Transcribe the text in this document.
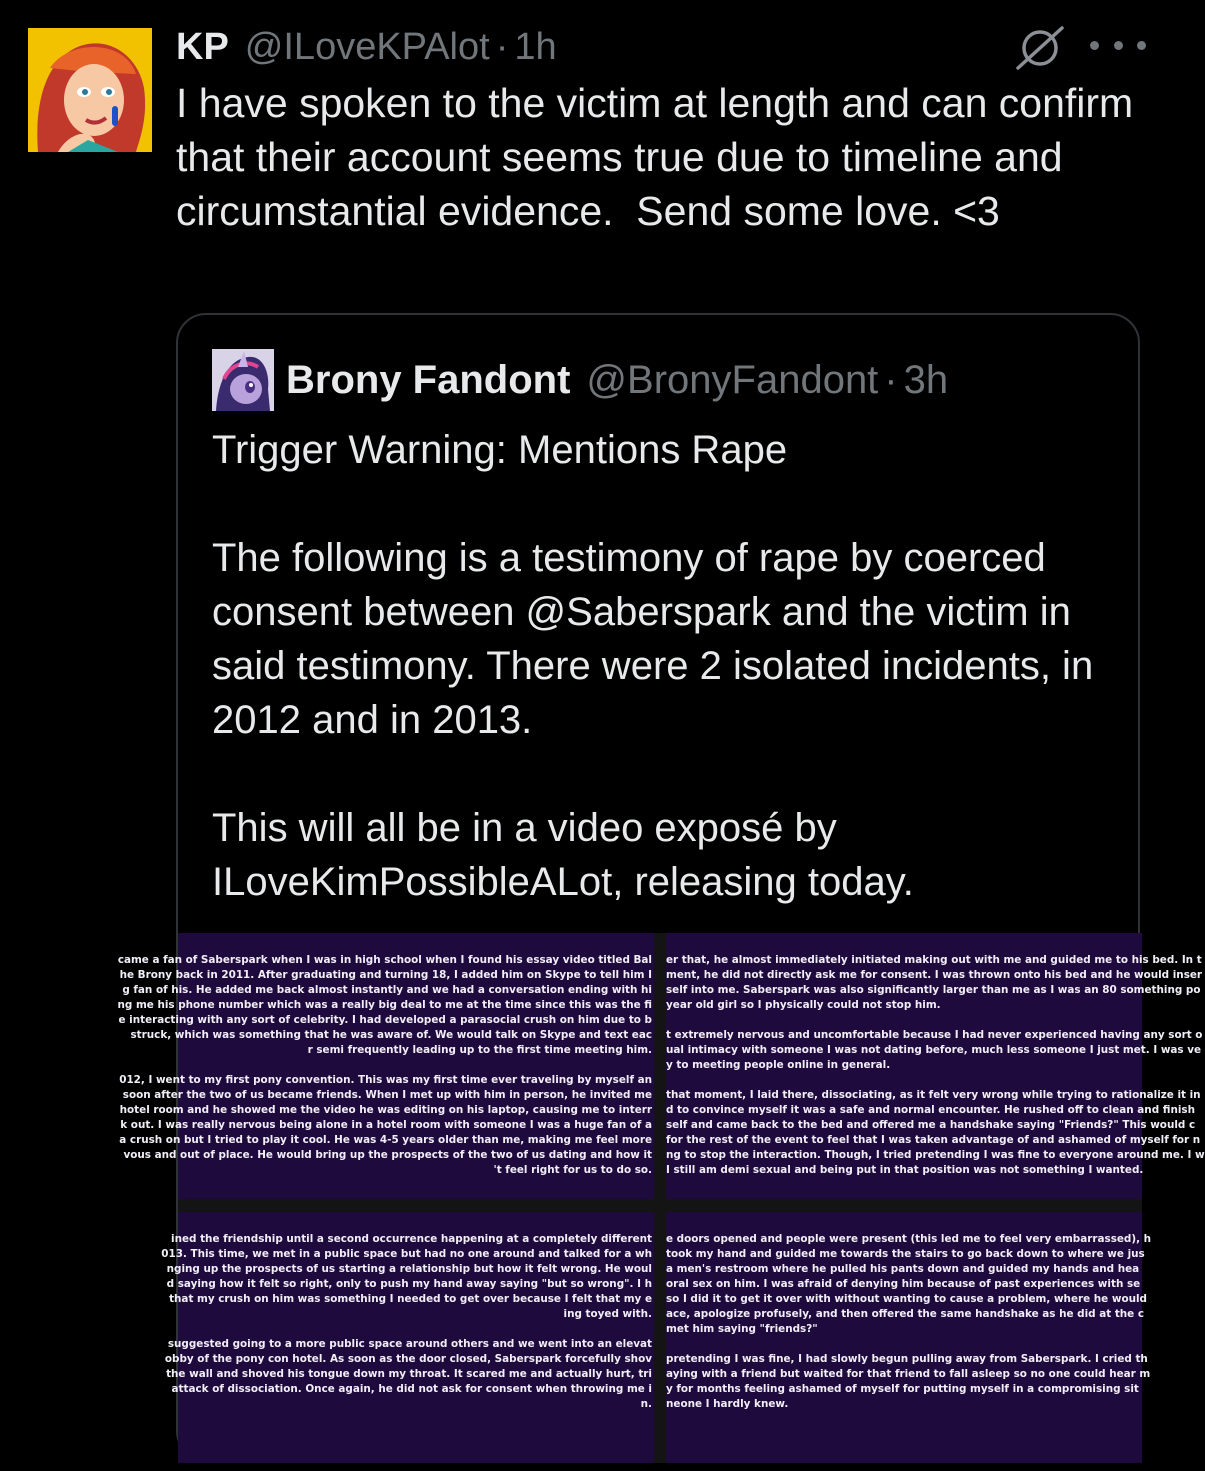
KP @ILoveKPAlot · 1h
I have spoken to the victim at length and can confirm that their account seems true due to timeline and circumstantial evidence.  Send some love. <3
Brony Fandont @BronyFandont · 3h

Trigger Warning: Mentions Rape

The following is a testimony of rape by coerced consent between @Saberspark and the victim in said testimony. There were 2 isolated incidents, in 2012 and in 2013.

This will all be in a video exposé by ILoveKimPossibleALot, releasing today.

came a fan of Saberspark when I was in high school when I found his essay video titled Bal
he Brony back in 2011. After graduating and turning 18, I added him on Skype to tell him I
g fan of his. He added me back almost instantly and we had a conversation ending with hi
ng me his phone number which was a really big deal to me at the time since this was the fi
e interacting with any sort of celebrity. I had developed a parasocial crush on him due to b
struck, which was something that he was aware of. We would talk on Skype and text eac
r semi frequently leading up to the first time meeting him.
012, I went to my first pony convention. This was my first time ever traveling by myself an
soon after the two of us became friends. When I met up with him in person, he invited me
hotel room and he showed me the video he was editing on his laptop, causing me to interr
k out. I was really nervous being alone in a hotel room with someone I was a huge fan of a
a crush on but I tried to play it cool. He was 4-5 years older than me, making me feel more
vous and out of place. He would bring up the prospects of the two of us dating and how it
't feel right for us to do so.
er that, he almost immediately initiated making out with me and guided me to his bed. In t
ment, he did not directly ask me for consent. I was thrown onto his bed and he would inser
self into me. Saberspark was also significantly larger than me as I was an 80 something po
year old girl so I physically could not stop him.
t extremely nervous and uncomfortable because I had never experienced having any sort o
ual intimacy with someone I was not dating before, much less someone I just met. I was ve
y to meeting people online in general.
that moment, I laid there, dissociating, as it felt very wrong while trying to rationalize it in
d to convince myself it was a safe and normal encounter. He rushed off to clean and finish
self and came back to the bed and offered me a handshake saying "Friends?" This would c
for the rest of the event to feel that I was taken advantage of and ashamed of myself for n
ng to stop the interaction. Though, I tried pretending I was fine to everyone around me. I w
I still am demi sexual and being put in that position was not something I wanted.
ined the friendship until a second occurrence happening at a completely different
013. This time, we met in a public space but had no one around and talked for a wh
nging up the prospects of us starting a relationship but how it felt wrong. He woul
d saying how it felt so right, only to push my hand away saying "but so wrong". I h
that my crush on him was something I needed to get over because I felt that my e
ing toyed with.
suggested going to a more public space around others and we went into an elevat
obby of the pony con hotel. As soon as the door closed, Saberspark forcefully shov
the wall and shoved his tongue down my throat. It scared me and actually hurt, tri
attack of dissociation. Once again, he did not ask for consent when throwing me i
n.
e doors opened and people were present (this led me to feel very embarrassed), h
took my hand and guided me towards the stairs to go back down to where we jus
a men's restroom where he pulled his pants down and guided my hands and hea
oral sex on him. I was afraid of denying him because of past experiences with se
so I did it to get it over with without wanting to cause a problem, where he would
ace, apologize profusely, and then offered the same handshake as he did at the c
met him saying "friends?"
pretending I was fine, I had slowly begun pulling away from Saberspark. I cried th
aying with a friend but waited for that friend to fall asleep so no one could hear m
y for months feeling ashamed of myself for putting myself in a compromising sit
neone I hardly knew.
